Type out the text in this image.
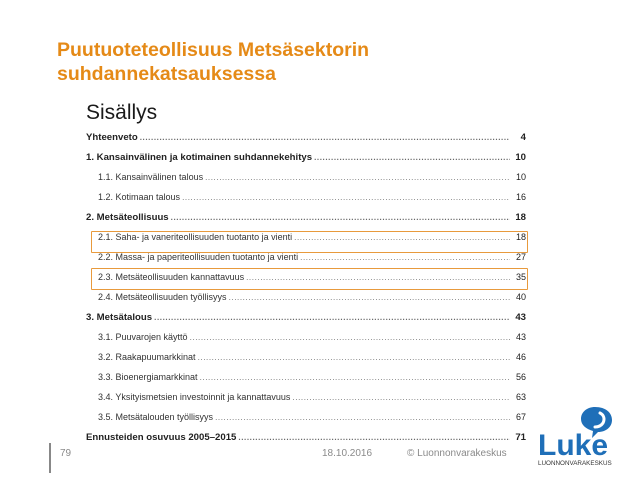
Puutuoteteollisuus Metsäsektorin
suhdannekatsauksessa
Sisällys
Yhteenveto .....	4
1. Kansainvälinen ja kotimainen suhdannekehitys .....	10
1.1. Kansainvälinen talous .....	10
1.2. Kotimaan talous .....	16
2. Metsäteollisuus .....	18
2.1. Saha- ja vaneriteollisuuden tuotanto ja vienti .....	18
2.2. Massa- ja paperiteollisuuden tuotanto ja vienti .....	27
2.3. Metsäteollisuuden kannattavuus .....	35
2.4. Metsäteollisuuden työllisyys .....	40
3. Metsätalous .....	43
3.1. Puuvarojen käyttö .....	43
3.2. Raakapuumarkkinat .....	46
3.3. Bioenergiamarkkinat .....	56
3.4. Yksityismetsien investoinnit ja kannattavuus .....	63
3.5. Metsätalouden työllisyys .....	67
Ennusteiden osuvuus 2005–2015 .....	71
79	18.10.2016	© Luonnonvarakeskus Luke
LUONNONVARAKESKUS
